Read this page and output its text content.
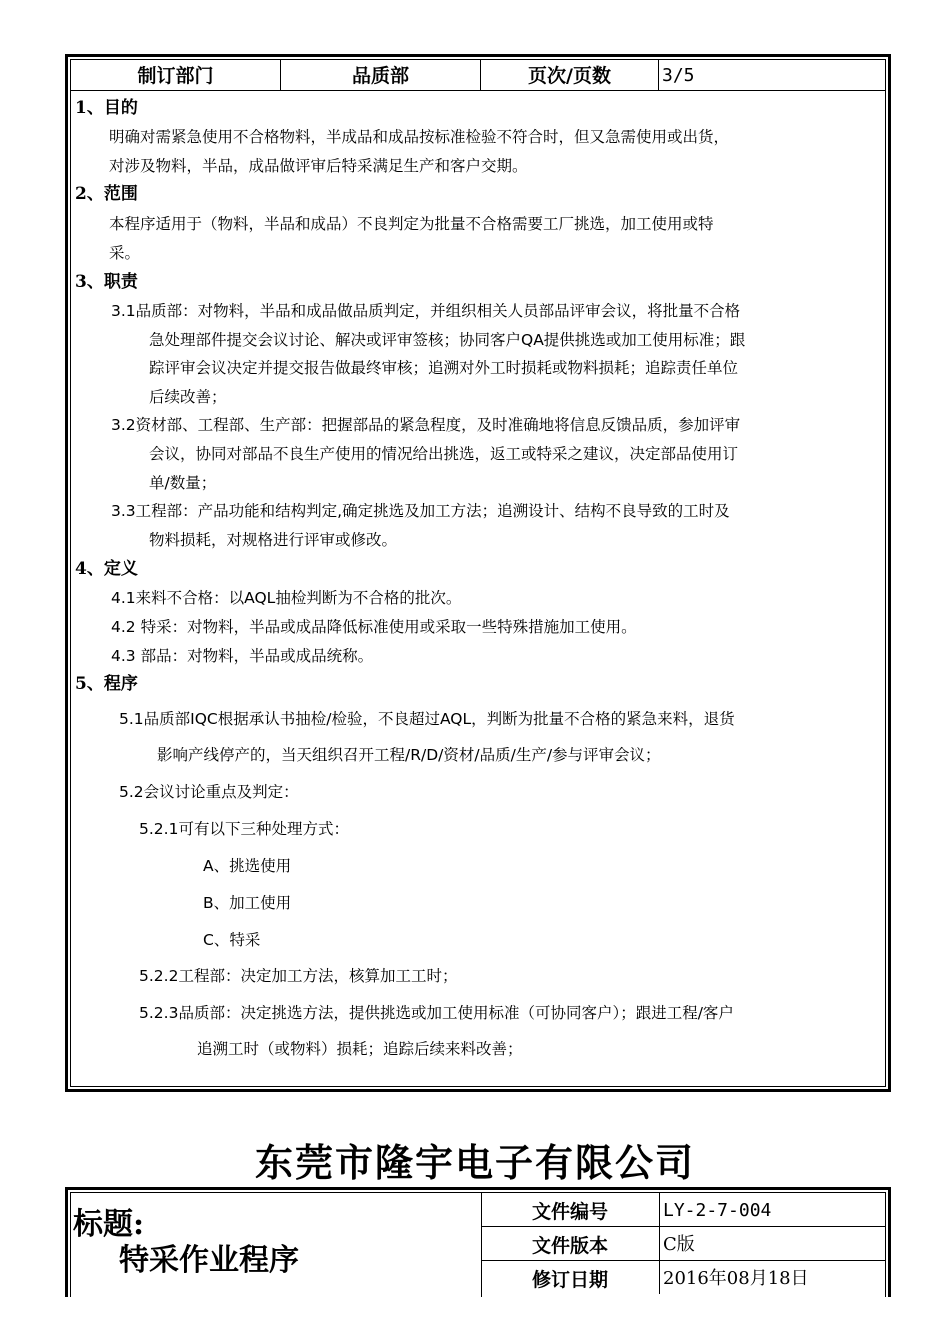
制订部门	品质部	页次/页数	3/5
1、目的
明确对需紧急使用不合格物料，半成品和成品按标准检验不符合时，但又急需使用或出货，
对涉及物料，半品，成品做评审后特采满足生产和客户交期。
2、范围
本程序适用于（物料，半品和成品）不良判定为批量不合格需要工厂挑选，加工使用或特
采。
3、职责
3.1品质部：对物料，半品和成品做品质判定，并组织相关人员部品评审会议，将批量不合格
急处理部件提交会议讨论、解决或评审签核；协同客户QA提供挑选或加工使用标准；跟
踪评审会议决定并提交报告做最终审核；追溯对外工时损耗或物料损耗；追踪责任单位
后续改善；
3.2资材部、工程部、生产部：把握部品的紧急程度，及时准确地将信息反馈品质，参加评审
会议，协同对部品不良生产使用的情况给出挑选，返工或特采之建议，决定部品使用订
单/数量；
3.3工程部：产品功能和结构判定,确定挑选及加工方法；追溯设计、结构不良导致的工时及
物料损耗，对规格进行评审或修改。
4、定义
4.1来料不合格：以AQL抽检判断为不合格的批次。
4.2 特采：对物料，半品或成品降低标准使用或采取一些特殊措施加工使用。
4.3 部品：对物料，半品或成品统称。
5、程序
5.1品质部IQC根据承认书抽检/检验，不良超过AQL，判断为批量不合格的紧急来料，退货
影响产线停产的，当天组织召开工程/R/D/资材/品质/生产/参与评审会议；
5.2会议讨论重点及判定：
5.2.1可有以下三种处理方式：
A、挑选使用
B、加工使用
C、特采
5.2.2工程部：决定加工方法，核算加工工时；
5.2.3品质部：决定挑选方法，提供挑选或加工使用标准（可协同客户）；跟进工程/客户
追溯工时（或物料）损耗；追踪后续来料改善；
东莞市隆宇电子有限公司
标题:
特采作业程序
文件编号	LY-2-7-004
文件版本	C版
修订日期	2016年08月18日
